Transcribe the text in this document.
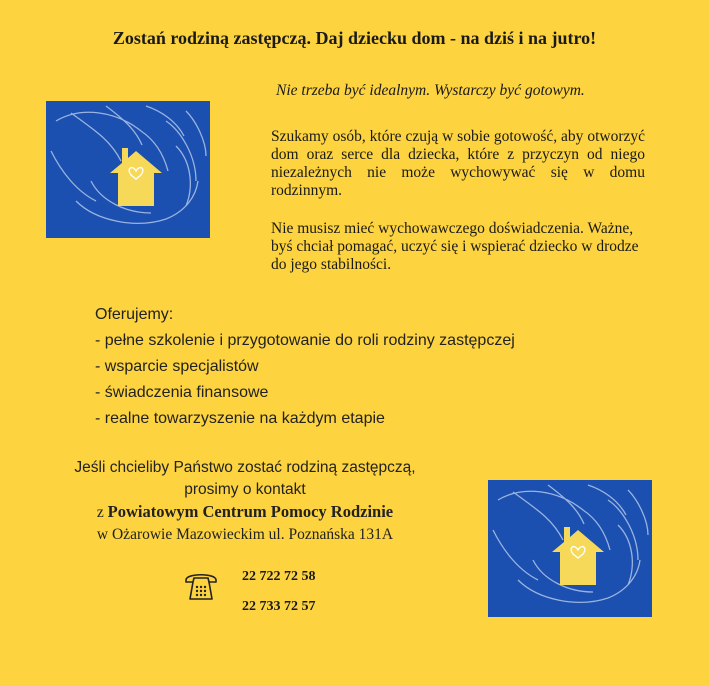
Zostań rodziną zastępczą. Daj dziecku dom - na dziś i na jutro!
Nie trzeba być idealnym. Wystarczy być gotowym.
Szukamy osób, które czują w sobie gotowość, aby otworzyć dom oraz serce dla dziecka, które z przyczyn od niego niezależnych nie może wychowywać się w domu rodzinnym.
Nie musisz mieć wychowawczego doświadczenia. Ważne, byś chciał pomagać, uczyć się i wspierać dziecko w drodze do jego stabilności.
Oferujemy:
- pełne szkolenie i przygotowanie do roli rodziny zastępczej
- wsparcie specjalistów
- świadczenia finansowe
- realne towarzyszenie na każdym etapie
Jeśli chcieliby Państwo zostać rodziną zastępczą,
prosimy o kontakt
z Powiatowym Centrum Pomocy Rodzinie
w Ożarowie Mazowieckim ul. Poznańska 131A
22 722 72 58
22 733 72 57
